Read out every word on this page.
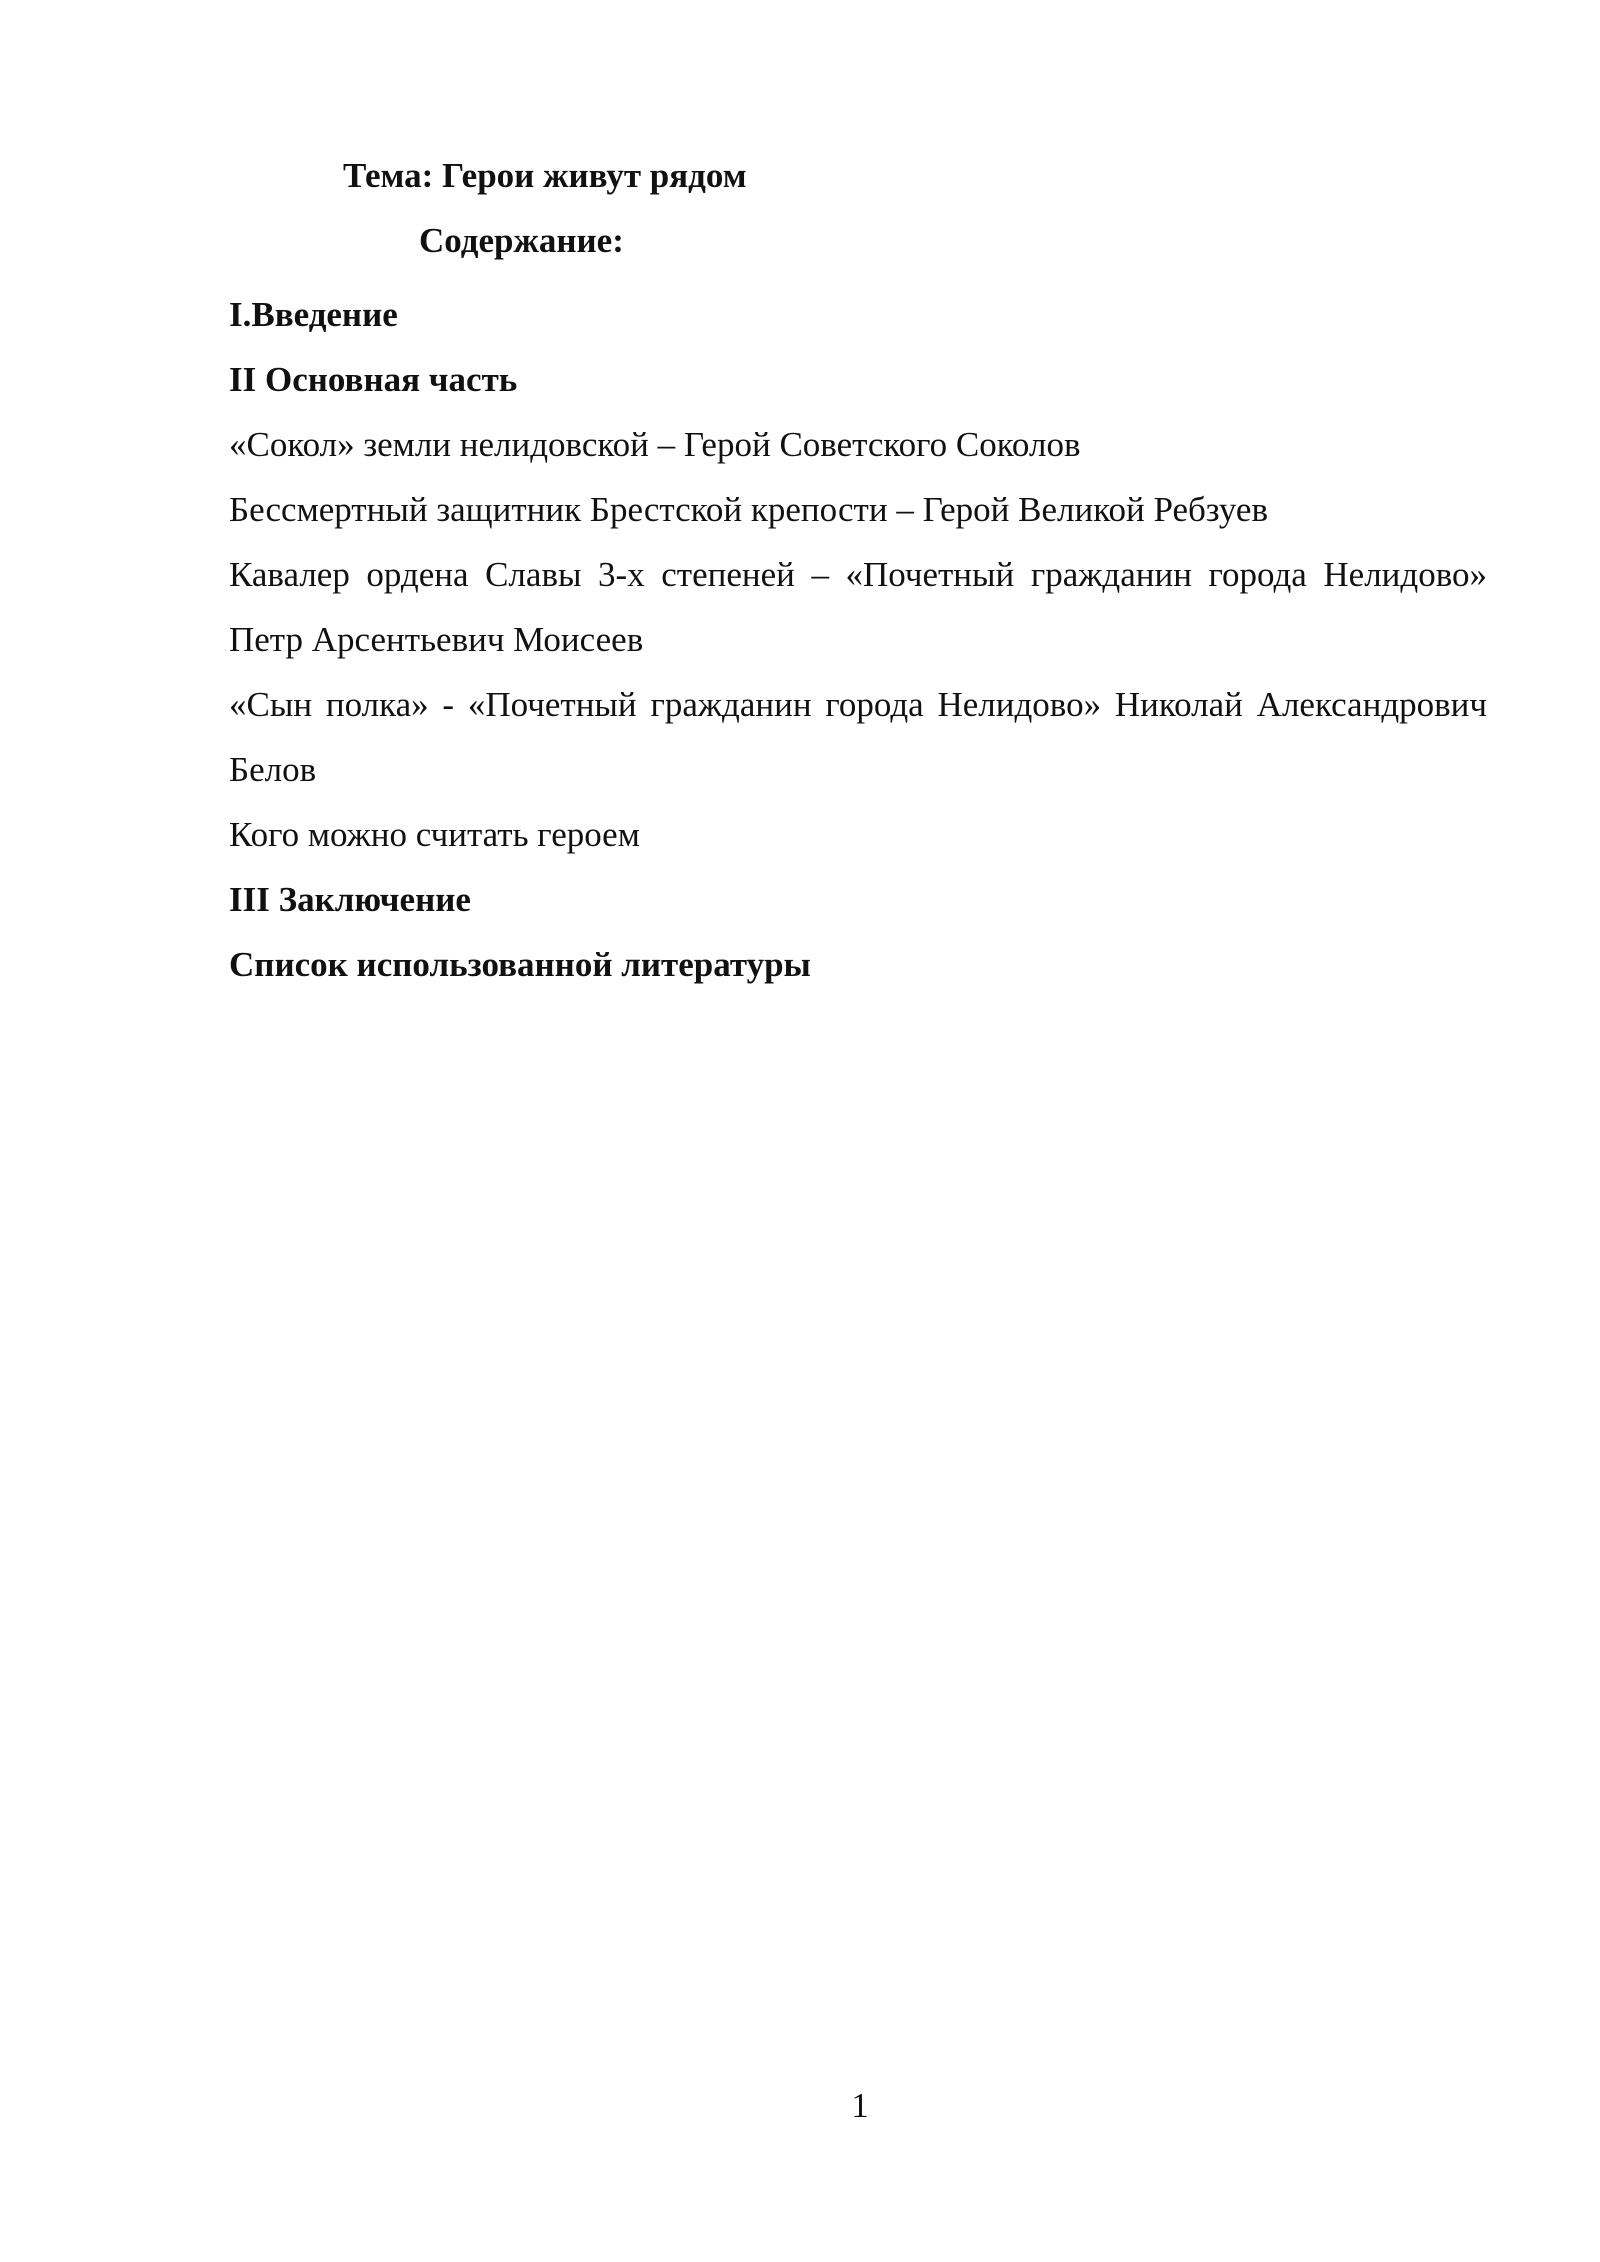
Тема: Герои живут рядом
Содержание:
I.Введение
II Основная часть
«Сокол» земли нелидовской – Герой Советского Соколов
Бессмертный защитник Брестской крепости – Герой Великой Ребзуев
Кавалер ордена Славы 3-х степеней – «Почетный гражданин города Нелидово» Петр Арсентьевич Моисеев
«Сын полка» - «Почетный гражданин города Нелидово» Николай Александрович Белов
Кого можно считать героем
III Заключение
Список использованной литературы
1
